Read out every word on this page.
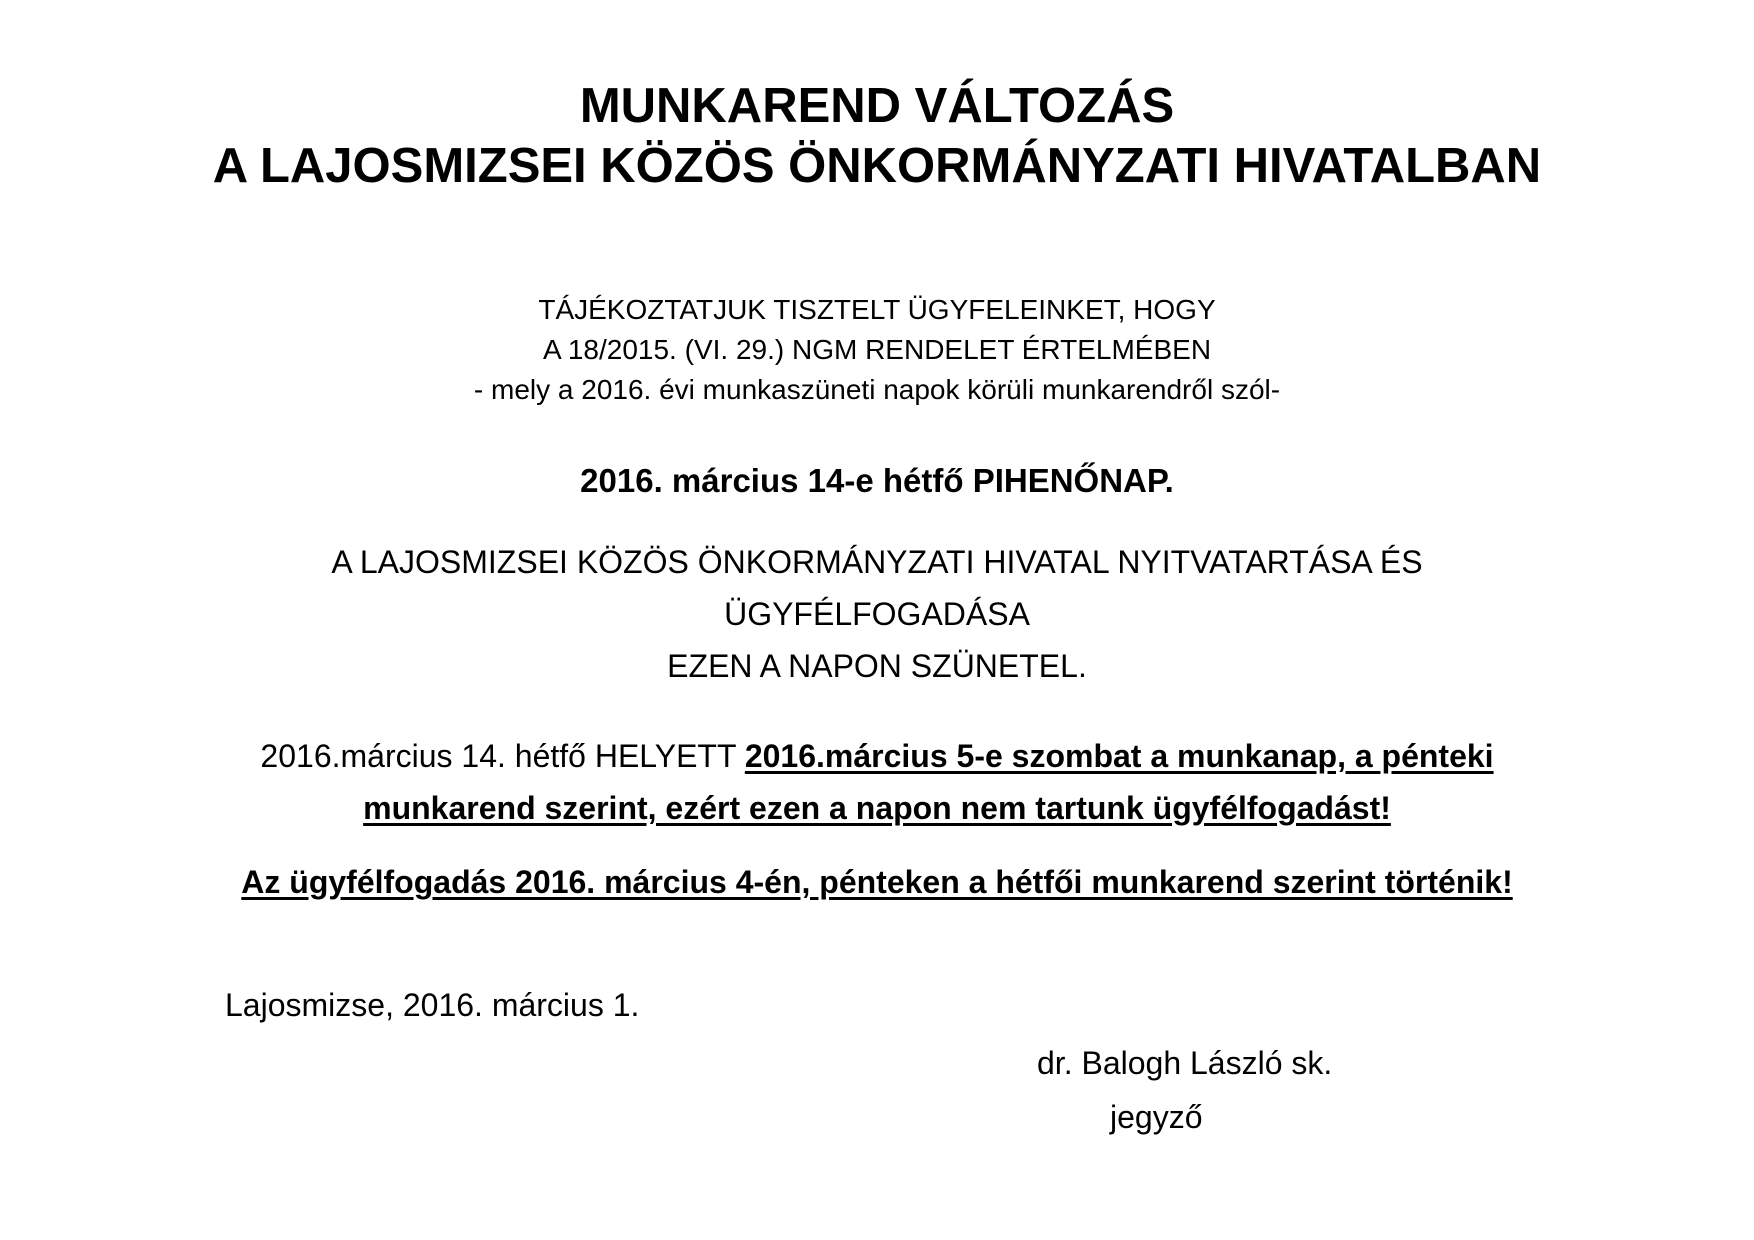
MUNKAREND VÁLTOZÁS
A LAJOSMIZSEI KÖZÖS ÖNKORMÁNYZATI HIVATALBAN
TÁJÉKOZTATJUK TISZTELT ÜGYFELEINKET, HOGY
A 18/2015. (VI. 29.) NGM RENDELET ÉRTELMÉBEN
- mely a 2016. évi munkaszüneti napok körüli munkarendről szól-
2016. március 14-e hétfő PIHENŐNAP.
A LAJOSMIZSEI KÖZÖS ÖNKORMÁNYZATI HIVATAL NYITVATARTÁSA ÉS
ÜGYFÉLFOGADÁSA
EZEN A NAPON SZÜNETEL.
2016.március 14. hétfő HELYETT 2016.március 5-e szombat a munkanap, a pénteki
munkarend szerint, ezért ezen a napon nem tartunk ügyfélfogadást!
Az ügyfélfogadás 2016. március 4-én, pénteken a hétfői munkarend szerint történik!
Lajosmizse, 2016. március 1.
dr. Balogh László sk.
jegyző
